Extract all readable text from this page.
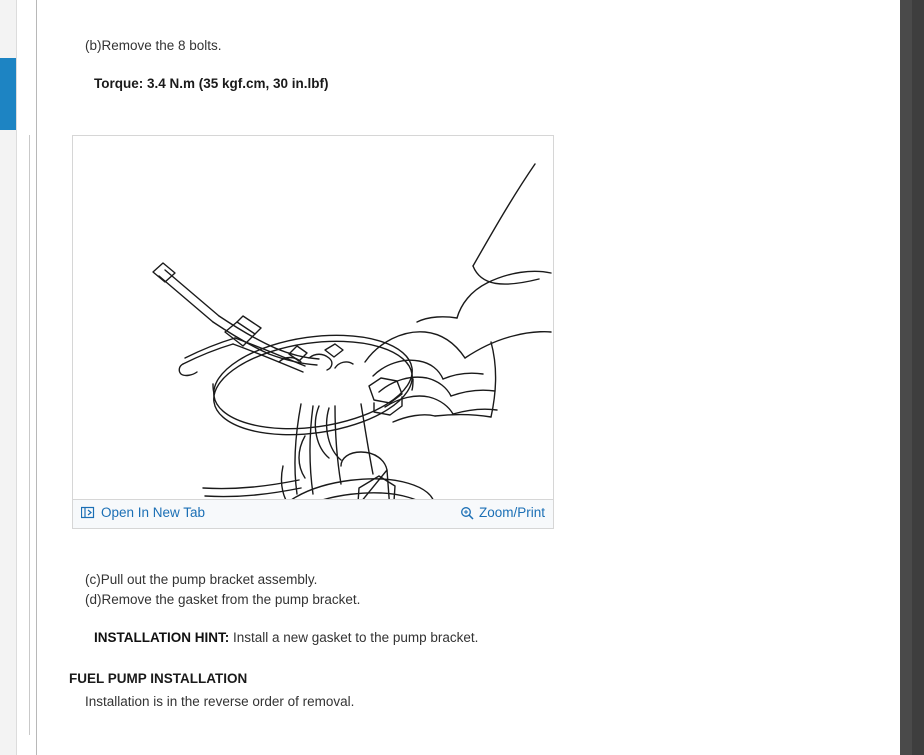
(b)Remove the 8 bolts.
Torque: 3.4 N.m (35 kgf.cm, 30 in.lbf)
Open In New Tab	Zoom/Print
(c)Pull out the pump bracket assembly.
(d)Remove the gasket from the pump bracket.
INSTALLATION HINT: Install a new gasket to the pump bracket.
FUEL PUMP INSTALLATION
Installation is in the reverse order of removal.
